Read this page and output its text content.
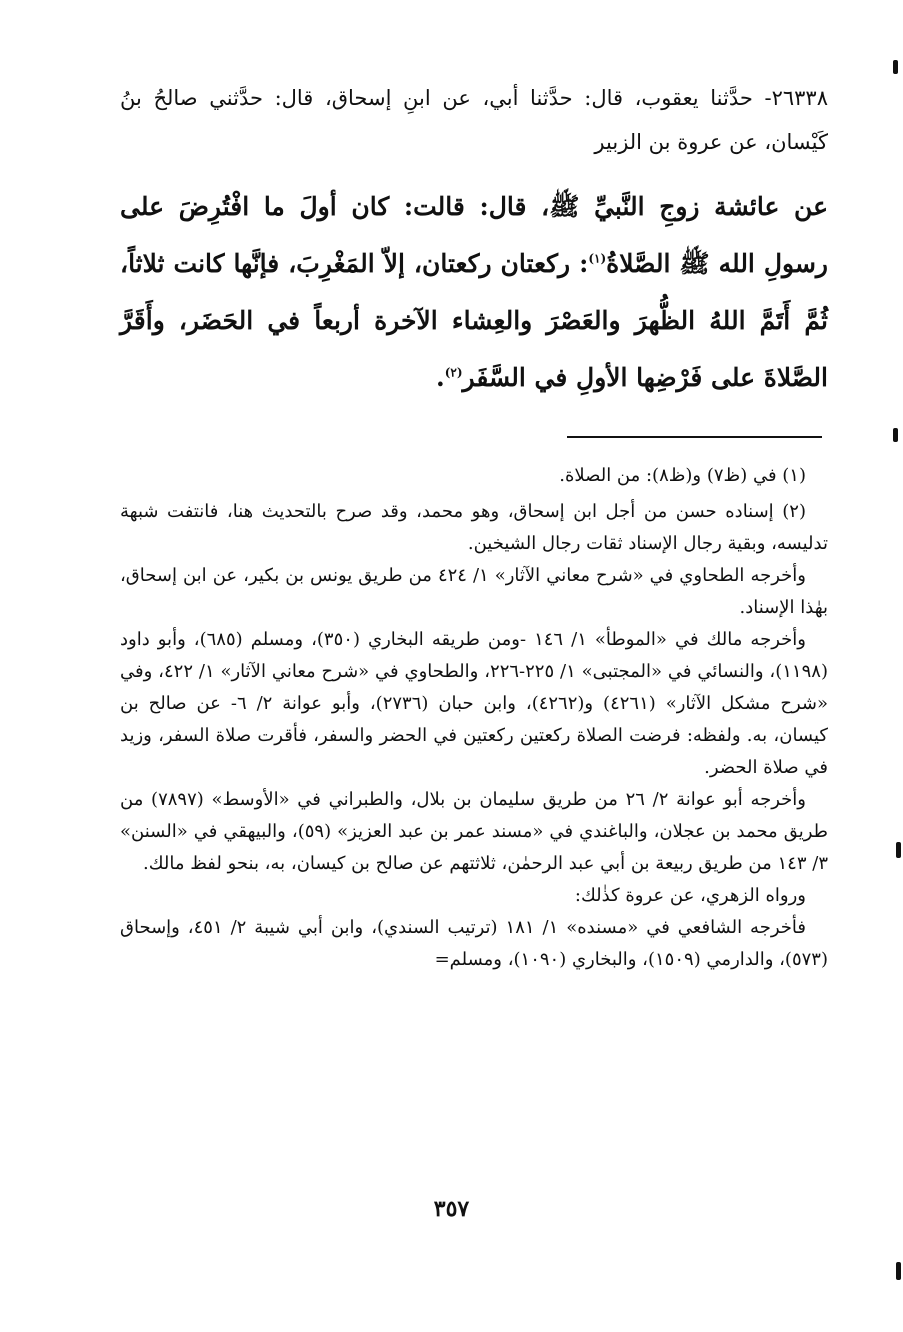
٢٦٣٣٨- حدَّثنا يعقوب، قال: حدَّثنا أبي، عن ابنِ إسحاق، قال: حدَّثني صالحُ بنُ كَيْسان، عن عروة بن الزبير

عن عائشة زوجِ النَّبيِّ ﷺ، قال: قالت: كان أولَ ما افْتُرِضَ على رسولِ الله ﷺ الصَّلاةُ$^{(١)}$: ركعتان ركعتان، إلاّ المَغْرِبَ، فإنَّها كانت ثلاثاً، ثُمَّ أَتَمَّ اللهُ الظُّهرَ والعَصْرَ والعِشاء الآخرة أربعاً في الحَضَر، وأَقَرَّ الصَّلاةَ على فَرْضِها الأولِ في السَّفَر$^{(٢)}$.

(١) في (ظ٧) و(ظ٨): من الصلاة.

(٢) إسناده حسن من أجل ابن إسحاق، وهو محمد، وقد صرح بالتحديث هنا، فانتفت شبهة تدليسه، وبقية رجال الإسناد ثقات رجال الشيخين.

وأخرجه الطحاوي في «شرح معاني الآثار» ١/ ٤٢٤ من طريق يونس بن بكير، عن ابن إسحاق، بهٰذا الإسناد.

وأخرجه مالك في «الموطأ» ١/ ١٤٦ -ومن طريقه البخاري (٣٥٠)، ومسلم (٦٨٥)، وأبو داود (١١٩٨)، والنسائي في «المجتبى» ١/ ٢٢٥-٢٢٦، والطحاوي في «شرح معاني الآثار» ١/ ٤٢٢، وفي «شرح مشكل الآثار» (٤٢٦١) و(٤٢٦٢)، وابن حبان (٢٧٣٦)، وأبو عوانة ٢/ ٦- عن صالح بن كيسان، به. ولفظه: فرضت الصلاة ركعتين ركعتين في الحضر والسفر، فأقرت صلاة السفر، وزيد في صلاة الحضر.

وأخرجه أبو عوانة ٢/ ٢٦ من طريق سليمان بن بلال، والطبراني في «الأوسط» (٧٨٩٧) من طريق محمد بن عجلان، والباغندي في «مسند عمر بن عبد العزيز» (٥٩)، والبيهقي في «السنن» ٣/ ١٤٣ من طريق ربيعة بن أبي عبد الرحمٰن، ثلاثتهم عن صالح بن كيسان، به، بنحو لفظ مالك.

ورواه الزهري، عن عروة كذٰلك:

فأخرجه الشافعي في «مسنده» ١/ ١٨١ (ترتيب السندي)، وابن أبي شيبة ٢/ ٤٥١، وإسحاق (٥٧٣)، والدارمي (١٥٠٩)، والبخاري (١٠٩٠)، ومسلم=

٣٥٧
